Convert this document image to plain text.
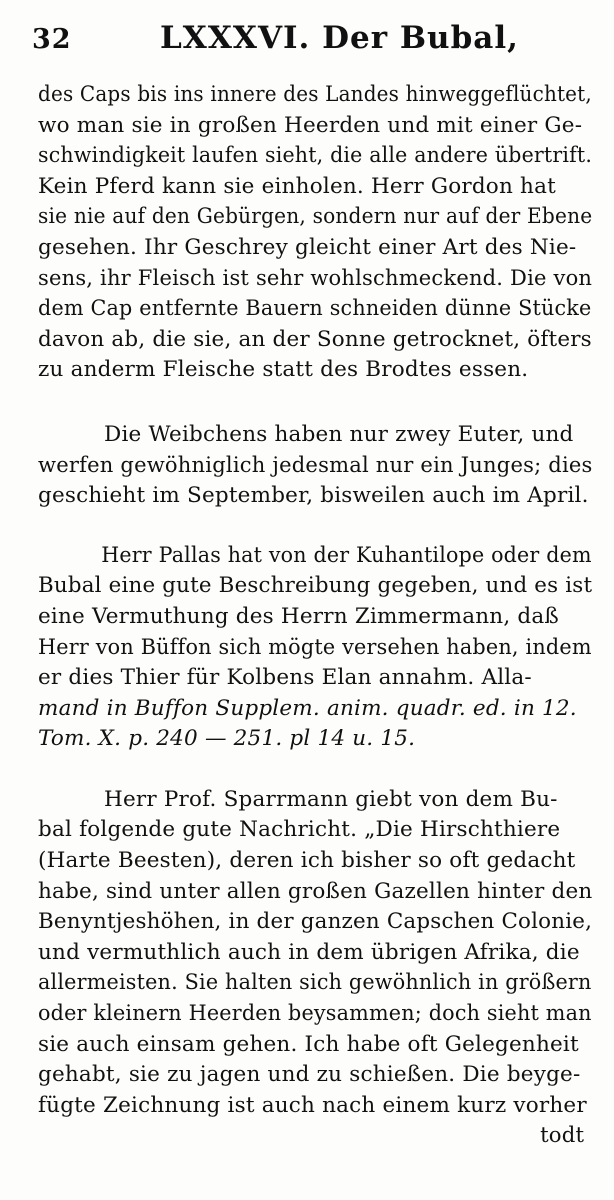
32	LXXXVI. Der Bubal,
des Caps bis ins innere des Landes hinweggeflüchtet,
wo man sie in großen Heerden und mit einer Ge-
schwindigkeit laufen sieht, die alle andere übertrift.
Kein Pferd kann sie einholen. Herr Gordon hat
sie nie auf den Gebürgen, sondern nur auf der Ebene
gesehen. Ihr Geschrey gleicht einer Art des Nie-
sens, ihr Fleisch ist sehr wohlschmeckend. Die von
dem Cap entfernte Bauern schneiden dünne Stücke
davon ab, die sie, an der Sonne getrocknet, öfters
zu anderm Fleische statt des Brodtes essen.
Die Weibchens haben nur zwey Euter, und
werfen gewöhniglich jedesmal nur ein Junges; dies
geschieht im September, bisweilen auch im April.
Herr Pallas hat von der Kuhantilope oder dem
Bubal eine gute Beschreibung gegeben, und es ist
eine Vermuthung des Herrn Zimmermann, daß
Herr von Büffon sich mögte versehen haben, indem
er dies Thier für Kolbens Elan annahm. Alla-
mand in Buffon Supplem. anim. quadr. ed. in 12.
Tom. X. p. 240 — 251. pl 14 u. 15.
Herr Prof. Sparrmann giebt von dem Bu-
bal folgende gute Nachricht. „Die Hirschthiere
(Harte Beesten), deren ich bisher so oft gedacht
habe, sind unter allen großen Gazellen hinter den
Benyntjeshöhen, in der ganzen Capschen Colonie,
und vermuthlich auch in dem übrigen Afrika, die
allermeisten. Sie halten sich gewöhnlich in größern
oder kleinern Heerden beysammen; doch sieht man
sie auch einsam gehen. Ich habe oft Gelegenheit
gehabt, sie zu jagen und zu schießen. Die beyge-
fügte Zeichnung ist auch nach einem kurz vorher
todt
